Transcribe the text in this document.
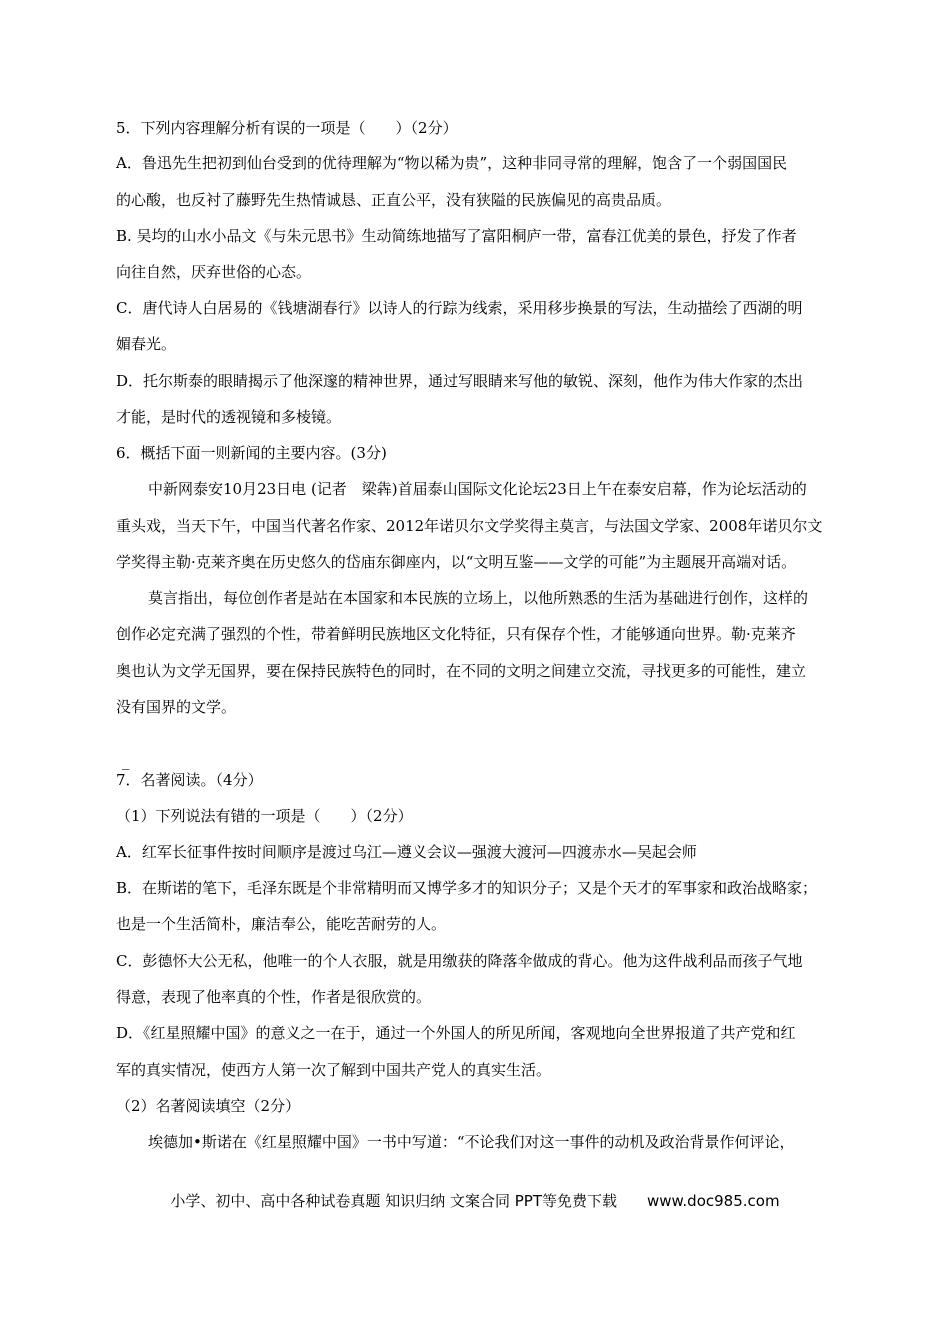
5．下列内容理解分析有误的一项是（　　）（2分）
A．鲁迅先生把初到仙台受到的优待理解为“物以稀为贵”，这种非同寻常的理解，饱含了一个弱国国民
的心酸，也反衬了藤野先生热情诚恳、正直公平，没有狭隘的民族偏见的高贵品质。
B. 吴均的山水小品文《与朱元思书》生动简练地描写了富阳桐庐一带，富春江优美的景色，抒发了作者
向往自然，厌弃世俗的心态。
C．唐代诗人白居易的《钱塘湖春行》以诗人的行踪为线索，采用移步换景的写法，生动描绘了西湖的明
媚春光。
D．托尔斯泰的眼睛揭示了他深邃的精神世界，通过写眼睛来写他的敏锐、深刻，他作为伟大作家的杰出
才能，是时代的透视镜和多棱镜。
6．概括下面一则新闻的主要内容。(3分)
中新网泰安10月23日电 (记者　梁犇)首届泰山国际文化论坛23日上午在泰安启幕，作为论坛活动的
重头戏，当天下午，中国当代著名作家、2012年诺贝尔文学奖得主莫言，与法国文学家、2008年诺贝尔文
学奖得主勒·克莱齐奥在历史悠久的岱庙东御座内，以“文明互鉴——文学的可能”为主题展开高端对话。
莫言指出，每位创作者是站在本国家和本民族的立场上，以他所熟悉的生活为基础进行创作，这样的
创作必定充满了强烈的个性，带着鲜明民族地区文化特征，只有保存个性，才能够通向世界。勒·克莱齐
奥也认为文学无国界，要在保持民族特色的同时，在不同的文明之间建立交流，寻找更多的可能性，建立
没有国界的文学。
_
7．名著阅读。（4分）
（1）下列说法有错的一项是（　　）（2分）
A．红军长征事件按时间顺序是渡过乌江—遵义会议—强渡大渡河—四渡赤水—吴起会师
B．在斯诺的笔下，毛泽东既是个非常精明而又博学多才的知识分子；又是个天才的军事家和政治战略家；
也是一个生活简朴，廉洁奉公，能吃苦耐劳的人。
C．彭德怀大公无私，他唯一的个人衣服，就是用缴获的降落伞做成的背心。他为这件战利品而孩子气地
得意，表现了他率真的个性，作者是很欣赏的。
D．《红星照耀中国》的意义之一在于，通过一个外国人的所见所闻，客观地向全世界报道了共产党和红
军的真实情况，使西方人第一次了解到中国共产党人的真实生活。
（2）名著阅读填空（2分）
埃德加•斯诺在《红星照耀中国》一书中写道：“不论我们对这一事件的动机及政治背景作何评论，
小学、初中、高中各种试卷真题 知识归纳 文案合同 PPT等免费下载 www.doc985.com
